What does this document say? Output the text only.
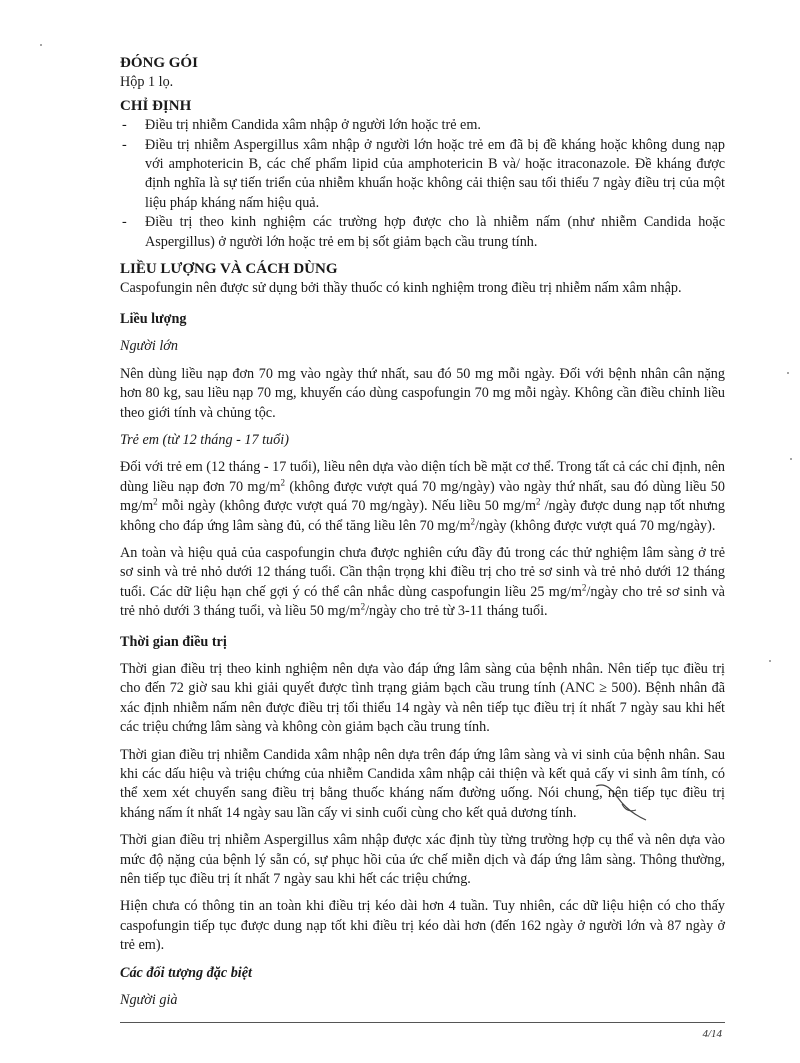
ĐÓNG GÓI
Hộp 1 lọ.
CHỈ ĐỊNH
- Điều trị nhiễm Candida xâm nhập ở người lớn hoặc trẻ em.
- Điều trị nhiễm Aspergillus xâm nhập ở người lớn hoặc trẻ em đã bị đề kháng hoặc không dung nạp với amphotericin B, các chế phẩm lipid của amphotericin B và/ hoặc itraconazole. Đề kháng được định nghĩa là sự tiến triển của nhiễm khuẩn hoặc không cải thiện sau tối thiểu 7 ngày điều trị của một liệu pháp kháng nấm hiệu quả.
- Điều trị theo kinh nghiệm các trường hợp được cho là nhiễm nấm (như nhiễm Candida hoặc Aspergillus) ở người lớn hoặc trẻ em bị sốt giảm bạch cầu trung tính.
LIỀU LƯỢNG VÀ CÁCH DÙNG
Caspofungin nên được sử dụng bởi thầy thuốc có kinh nghiệm trong điều trị nhiễm nấm xâm nhập.
Liều lượng
Người lớn
Nên dùng liều nạp đơn 70 mg vào ngày thứ nhất, sau đó 50 mg mỗi ngày. Đối với bệnh nhân cân nặng hơn 80 kg, sau liều nạp 70 mg, khuyến cáo dùng caspofungin 70 mg mỗi ngày. Không cần điều chỉnh liều theo giới tính và chủng tộc.
Trẻ em (từ 12 tháng - 17 tuổi)
Đối với trẻ em (12 tháng - 17 tuổi), liều nên dựa vào diện tích bề mặt cơ thể. Trong tất cả các chỉ định, nên dùng liều nạp đơn 70 $mg/m^2$ (không được vượt quá 70 mg/ngày) vào ngày thứ nhất, sau đó dùng liều 50 $mg/m^2$ mỗi ngày (không được vượt quá 70 mg/ngày). Nếu liều 50 $mg/m^2$ /ngày được dung nạp tốt nhưng không cho đáp ứng lâm sàng đủ, có thể tăng liều lên 70 $mg/m^2$/ngày (không được vượt quá 70 mg/ngày).
An toàn và hiệu quả của caspofungin chưa được nghiên cứu đầy đủ trong các thử nghiệm lâm sàng ở trẻ sơ sinh và trẻ nhỏ dưới 12 tháng tuổi. Cần thận trọng khi điều trị cho trẻ sơ sinh và trẻ nhỏ dưới 12 tháng tuổi. Các dữ liệu hạn chế gợi ý có thể cân nhắc dùng caspofungin liều 25 $mg/m^2$/ngày cho trẻ sơ sinh và trẻ nhỏ dưới 3 tháng tuổi, và liều 50 $mg/m^2$/ngày cho trẻ từ 3-11 tháng tuổi.
Thời gian điều trị
Thời gian điều trị theo kinh nghiệm nên dựa vào đáp ứng lâm sàng của bệnh nhân. Nên tiếp tục điều trị cho đến 72 giờ sau khi giải quyết được tình trạng giảm bạch cầu trung tính (ANC ≥ 500). Bệnh nhân đã xác định nhiễm nấm nên được điều trị tối thiểu 14 ngày và nên tiếp tục điều trị ít nhất 7 ngày sau khi hết các triệu chứng lâm sàng và không còn giảm bạch cầu trung tính.
Thời gian điều trị nhiễm Candida xâm nhập nên dựa trên đáp ứng lâm sàng và vi sinh của bệnh nhân. Sau khi các dấu hiệu và triệu chứng của nhiễm Candida xâm nhập cải thiện và kết quả cấy vi sinh âm tính, có thể xem xét chuyển sang điều trị bằng thuốc kháng nấm đường uống. Nói chung, nên tiếp tục điều trị kháng nấm ít nhất 14 ngày sau lần cấy vi sinh cuối cùng cho kết quả dương tính.
Thời gian điều trị nhiễm Aspergillus xâm nhập được xác định tùy từng trường hợp cụ thể và nên dựa vào mức độ nặng của bệnh lý sẵn có, sự phục hồi của ức chế miễn dịch và đáp ứng lâm sàng. Thông thường, nên tiếp tục điều trị ít nhất 7 ngày sau khi hết các triệu chứng.
Hiện chưa có thông tin an toàn khi điều trị kéo dài hơn 4 tuần. Tuy nhiên, các dữ liệu hiện có cho thấy caspofungin tiếp tục được dung nạp tốt khi điều trị kéo dài hơn (đến 162 ngày ở người lớn và 87 ngày ở trẻ em).
Các đối tượng đặc biệt
Người già
4/14
